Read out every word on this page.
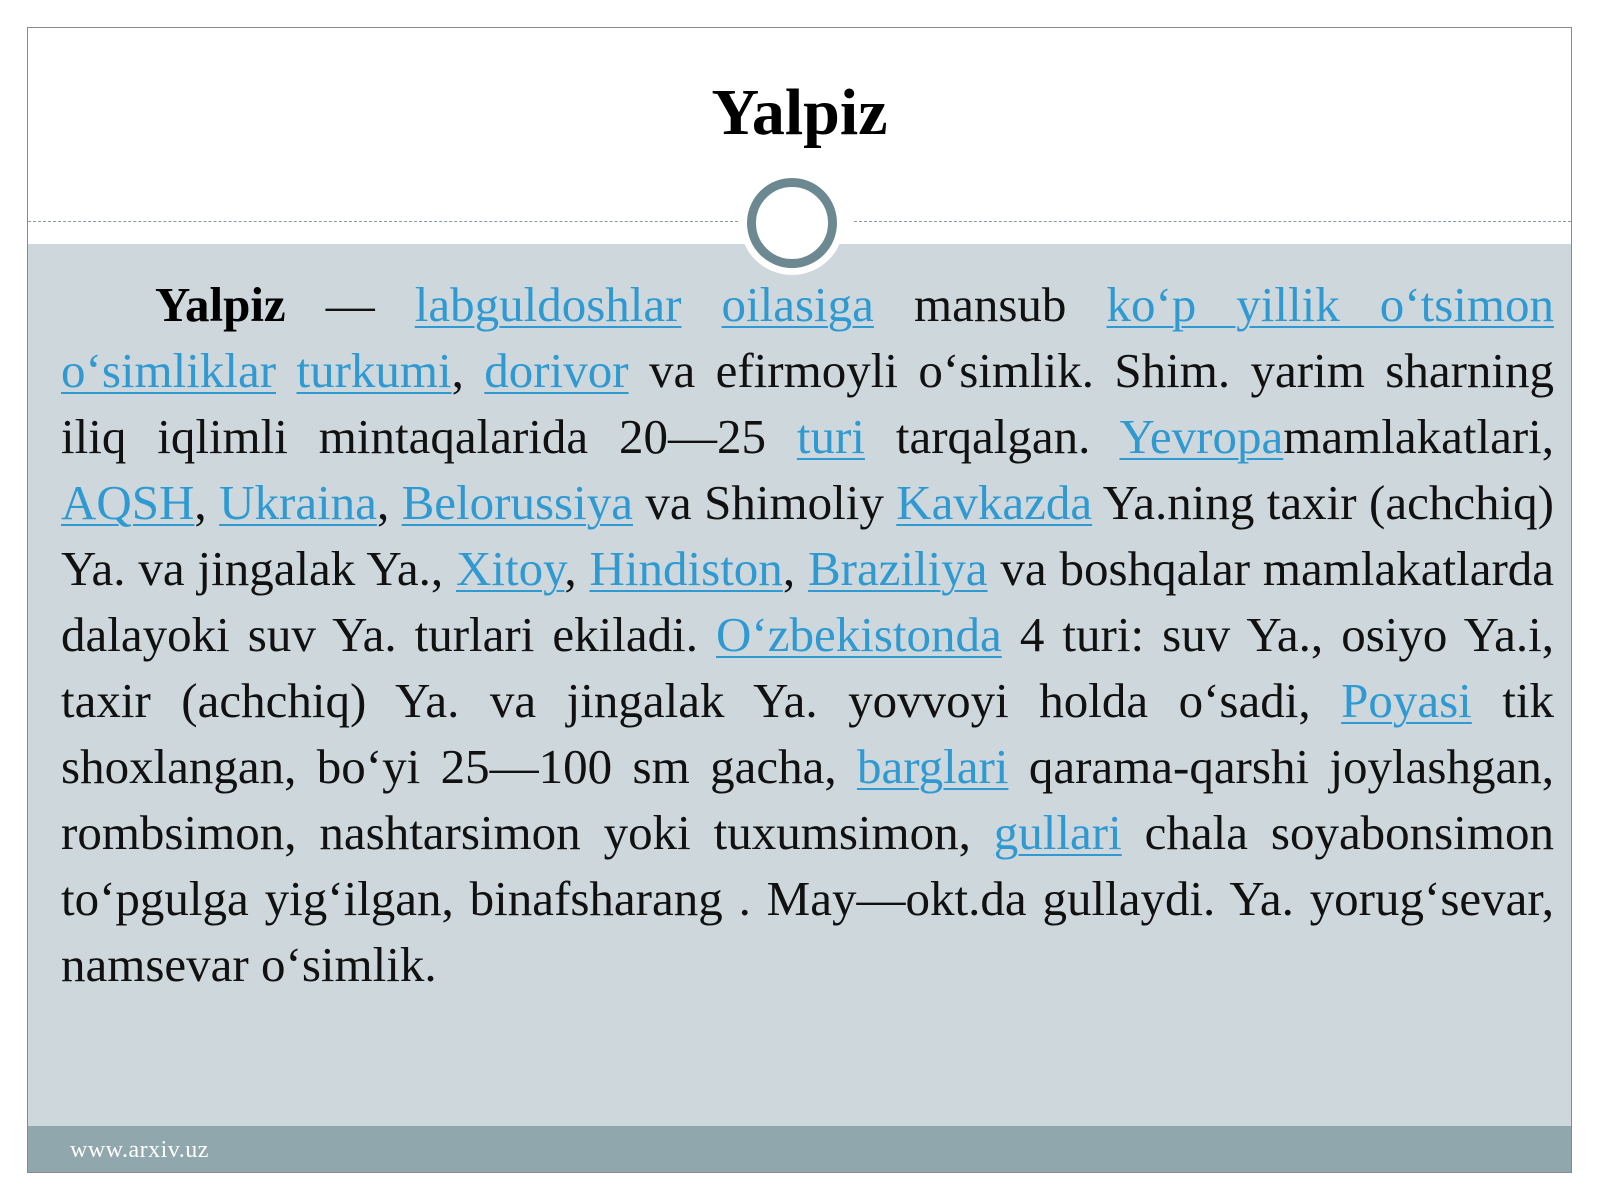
Yalpiz

Yalpiz — labguldoshlar oilasiga mansub ko‘p yillik o‘tsimon o‘simliklar turkumi, dorivor va efirmoyli o‘simlik. Shim. yarim sharning iliq iqlimli mintaqalarida 20—25 turi tarqalgan. Yevropamamlakatlari, AQSH, Ukraina, Belorussiya va Shimoliy Kavkazda Ya.ning taxir (achchiq) Ya. va jingalak Ya., Xitoy, Hindiston, Braziliya va boshqalar mamlakatlarda dalayoki suv Ya. turlari ekiladi. O‘zbekistonda 4 turi: suv Ya., osiyo Ya.i, taxir (achchiq) Ya. va jingalak Ya. yovvoyi holda o‘sadi, Poyasi tik shoxlangan, bo‘yi 25—100 sm gacha, barglari qarama-qarshi joylashgan, rombsimon, nashtarsimon yoki tuxumsimon, gullari chala soyabonsimon to‘pgulga yig‘ilgan, binafsharang . May—okt.da gullaydi. Ya. yorug‘sevar, namsevar o‘simlik.

www.arxiv.uz
